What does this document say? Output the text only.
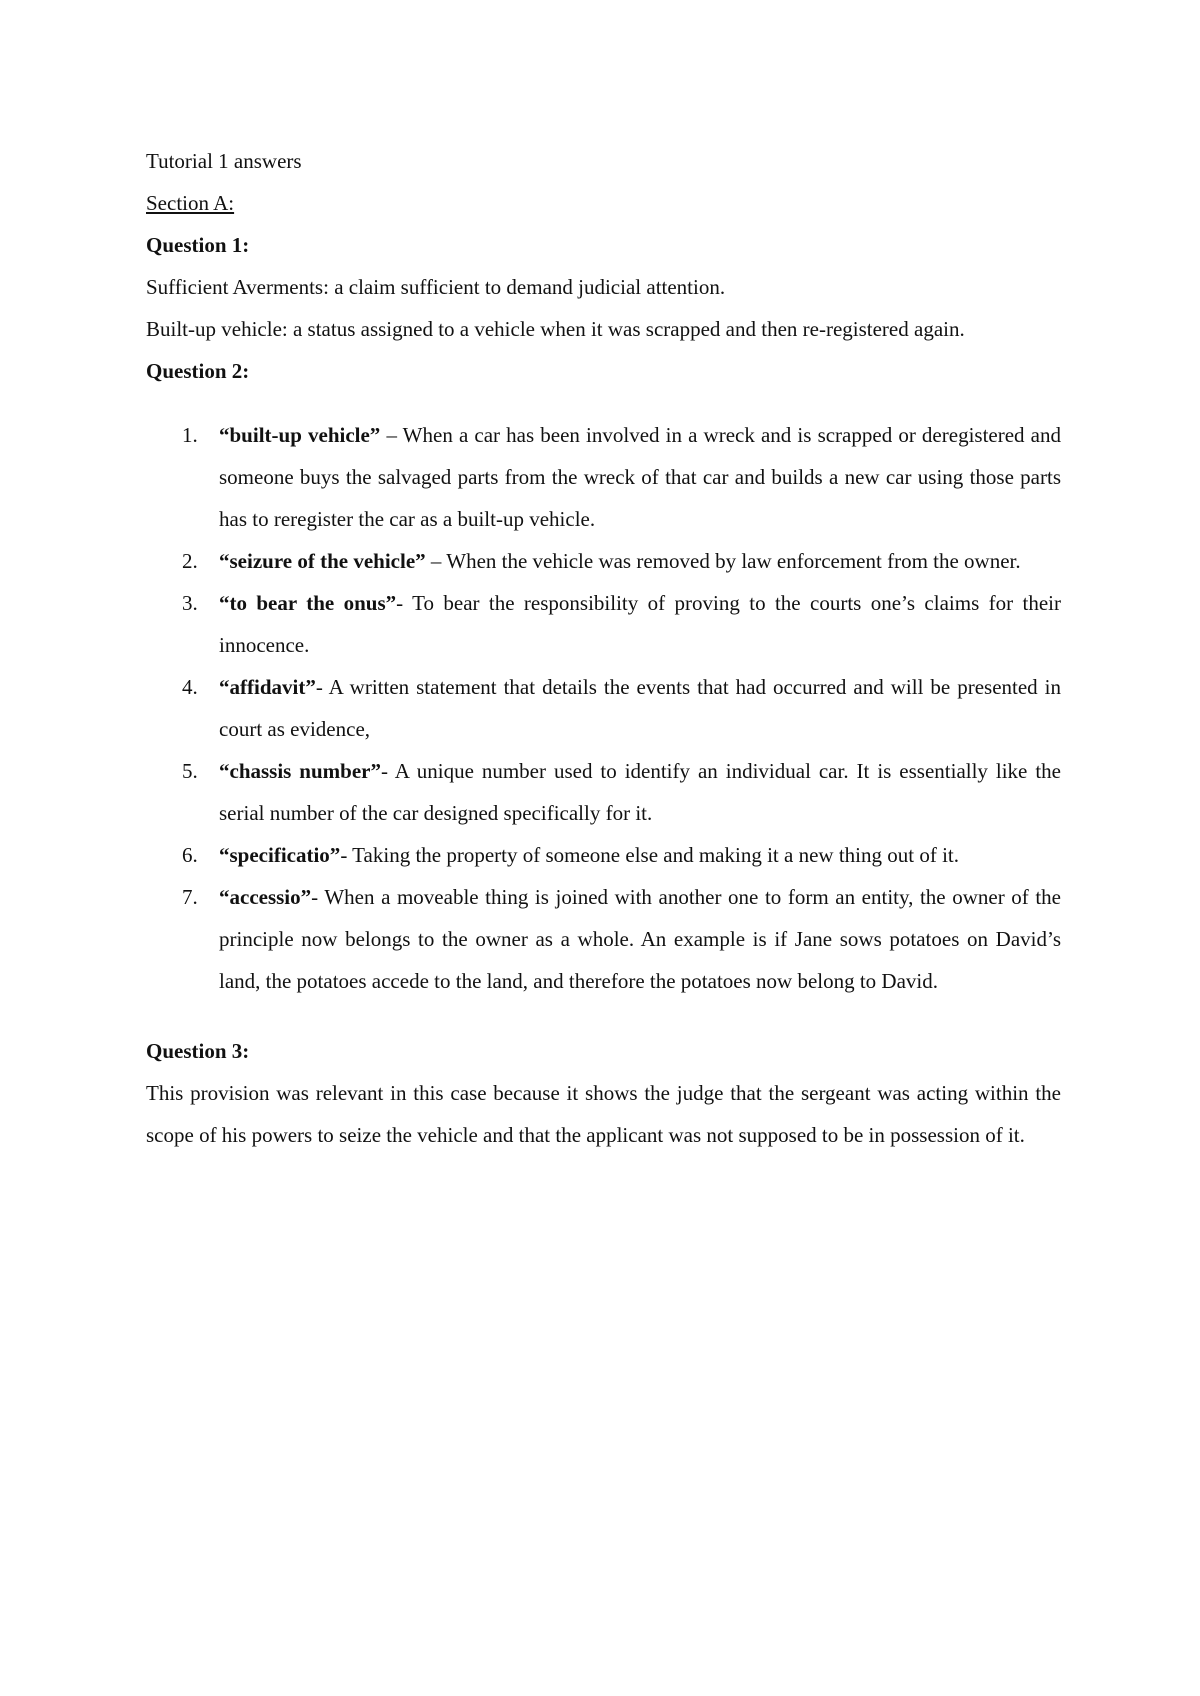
Tutorial 1 answers

Section A:

Question 1:

Sufficient Averments: a claim sufficient to demand judicial attention.

Built-up vehicle: a status assigned to a vehicle when it was scrapped and then re-registered again.

Question 2:

1. “built-up vehicle” – When a car has been involved in a wreck and is scrapped or deregistered and someone buys the salvaged parts from the wreck of that car and builds a new car using those parts has to reregister the car as a built-up vehicle.
2. “seizure of the vehicle” – When the vehicle was removed by law enforcement from the owner.
3. “to bear the onus”- To bear the responsibility of proving to the courts one’s claims for their innocence.
4. “affidavit”- A written statement that details the events that had occurred and will be presented in court as evidence,
5. “chassis number”- A unique number used to identify an individual car. It is essentially like the serial number of the car designed specifically for it.
6. “specificatio”- Taking the property of someone else and making it a new thing out of it.
7. “accessio”- When a moveable thing is joined with another one to form an entity, the owner of the principle now belongs to the owner as a whole. An example is if Jane sows potatoes on David’s land, the potatoes accede to the land, and therefore the potatoes now belong to David.

Question 3:

This provision was relevant in this case because it shows the judge that the sergeant was acting within the scope of his powers to seize the vehicle and that the applicant was not supposed to be in possession of it.
